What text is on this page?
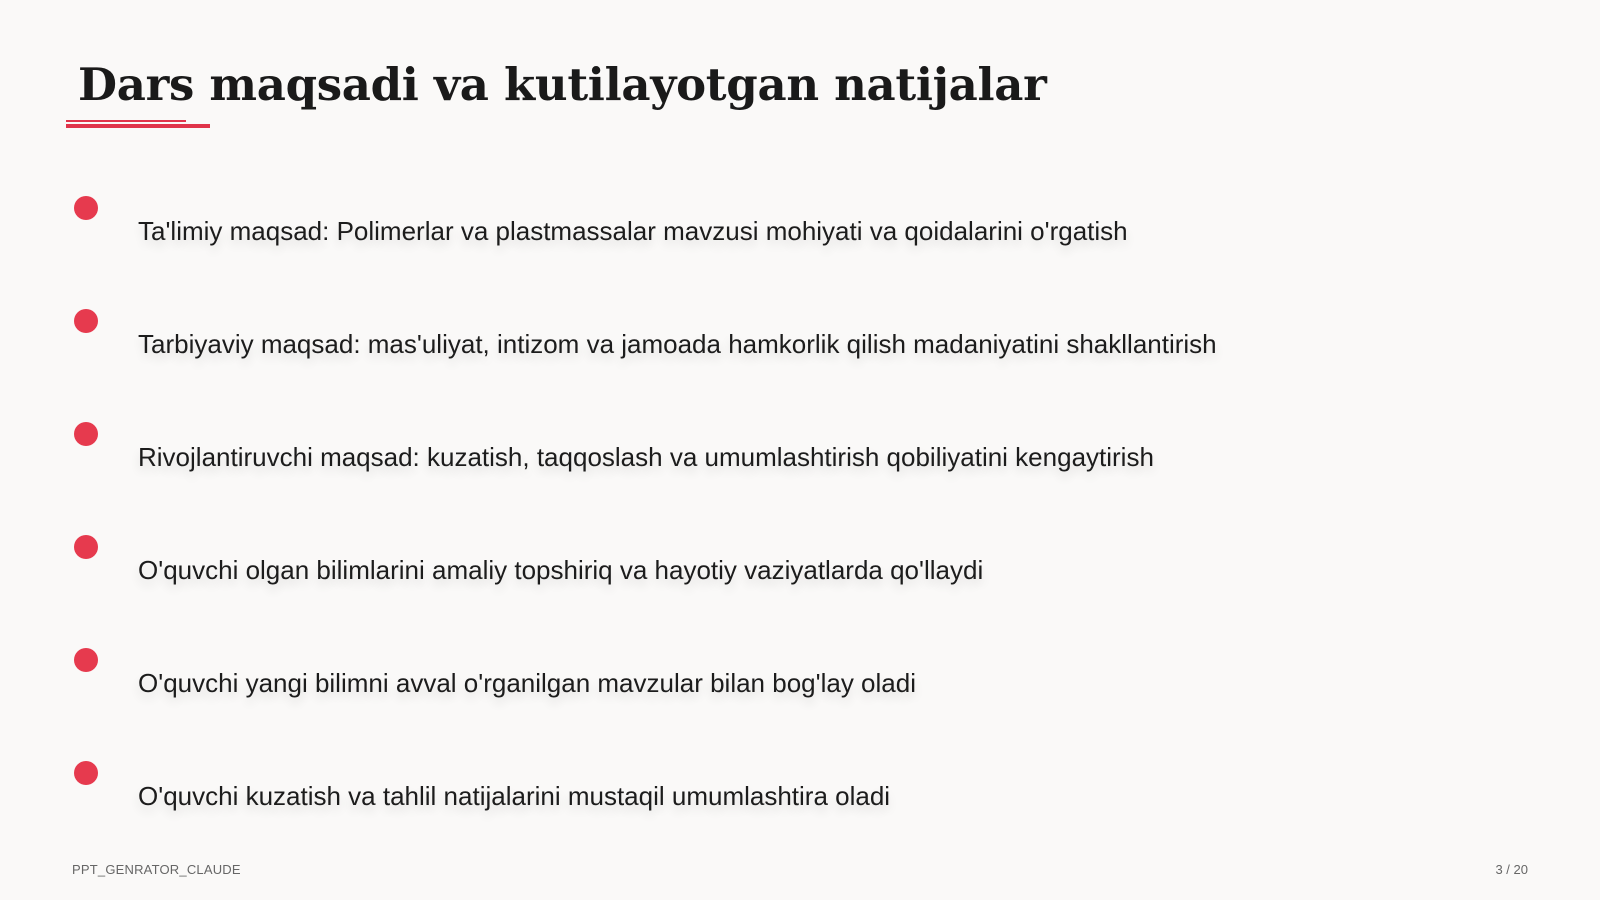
Dars maqsadi va kutilayotgan natijalar
Ta'limiy maqsad: Polimerlar va plastmassalar mavzusi mohiyati va qoidalarini o'rgatish
Tarbiyaviy maqsad: mas'uliyat, intizom va jamoada hamkorlik qilish madaniyatini shakllantirish
Rivojlantiruvchi maqsad: kuzatish, taqqoslash va umumlashtirish qobiliyatini kengaytirish
O'quvchi olgan bilimlarini amaliy topshiriq va hayotiy vaziyatlarda qo'llaydi
O'quvchi yangi bilimni avval o'rganilgan mavzular bilan bog'lay oladi
O'quvchi kuzatish va tahlil natijalarini mustaqil umumlashtira oladi
PPT_GENRATOR_CLAUDE	3 / 20
